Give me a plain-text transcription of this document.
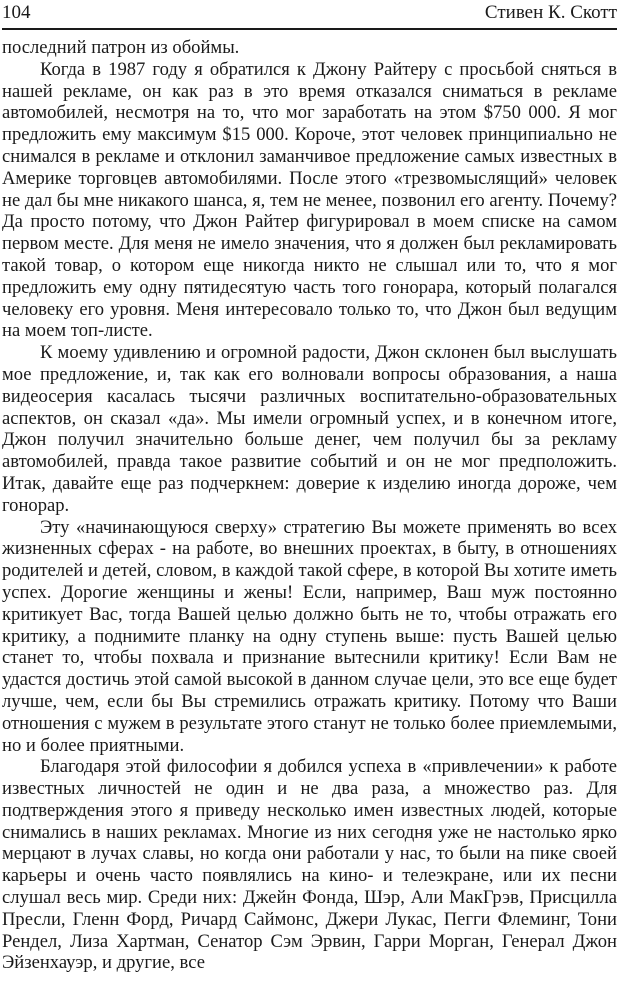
104	Стивен К. Скотт

последний патрон из обоймы.

Когда в 1987 году я обратился к Джону Райтеру с просьбой сняться в нашей рекламе, он как раз в это время отказался сниматься в рекламе автомобилей, несмотря на то, что мог заработать на этом $750 000. Я мог предложить ему максимум $15 000. Короче, этот человек принципиально не снимался в рекламе и отклонил заманчивое предложение самых известных в Америке торговцев автомобилями. После этого «трезвомыслящий» человек не дал бы мне никакого шанса, я, тем не менее, позвонил его агенту. Почему? Да просто потому, что Джон Райтер фигурировал в моем списке на самом первом месте. Для меня не имело значения, что я должен был рекламировать такой товар, о котором еще никогда никто не слышал или то, что я мог предложить ему одну пятидесятую часть того гонорара, который полагался человеку его уровня. Меня интересовало только то, что Джон был ведущим на моем топ-листе.

К моему удивлению и огромной радости, Джон склонен был выслушать мое предложение, и, так как его волновали вопросы образования, а наша видеосерия касалась тысячи различных воспитательно-образовательных аспектов, он сказал «да». Мы имели огромный успех, и в конечном итоге, Джон получил значительно больше денег, чем получил бы за рекламу автомобилей, правда такое развитие событий и он не мог предположить. Итак, давайте еще раз подчеркнем: доверие к изделию иногда дороже, чем гонорар.

Эту «начинающуюся сверху» стратегию Вы можете применять во всех жизненных сферах - на работе, во внешних проектах, в быту, в отношениях родителей и детей, словом, в каждой такой сфере, в которой Вы хотите иметь успех. Дорогие женщины и жены! Если, например, Ваш муж постоянно критикует Вас, тогда Вашей целью должно быть не то, чтобы отражать его критику, а поднимите планку на одну ступень выше: пусть Вашей целью станет то, чтобы похвала и признание вытеснили критику! Если Вам не удастся достичь этой самой высокой в данном случае цели, это все еще будет лучше, чем, если бы Вы стремились отражать критику. Потому что Ваши отношения с мужем в результате этого станут не только более приемлемыми, но и более приятными.

Благодаря этой философии я добился успеха в «привлечении» к работе известных личностей не один и не два раза, а множество раз. Для подтверждения этого я приведу несколько имен известных людей, которые снимались в наших рекламах. Многие из них сегодня уже не настолько ярко мерцают в лучах славы, но когда они работали у нас, то были на пике своей карьеры и очень часто появлялись на кино- и телеэкране, или их песни слушал весь мир. Среди них: Джейн Фонда, Шэр, Али МакГрэв, Присцилла Пресли, Гленн Форд, Ричард Саймонс, Джери Лукас, Пегги Флеминг, Тони Рендел, Лиза Хартман, Сенатор Сэм Эрвин, Гарри Морган, Генерал Джон Эйзенхауэр, и другие, все
